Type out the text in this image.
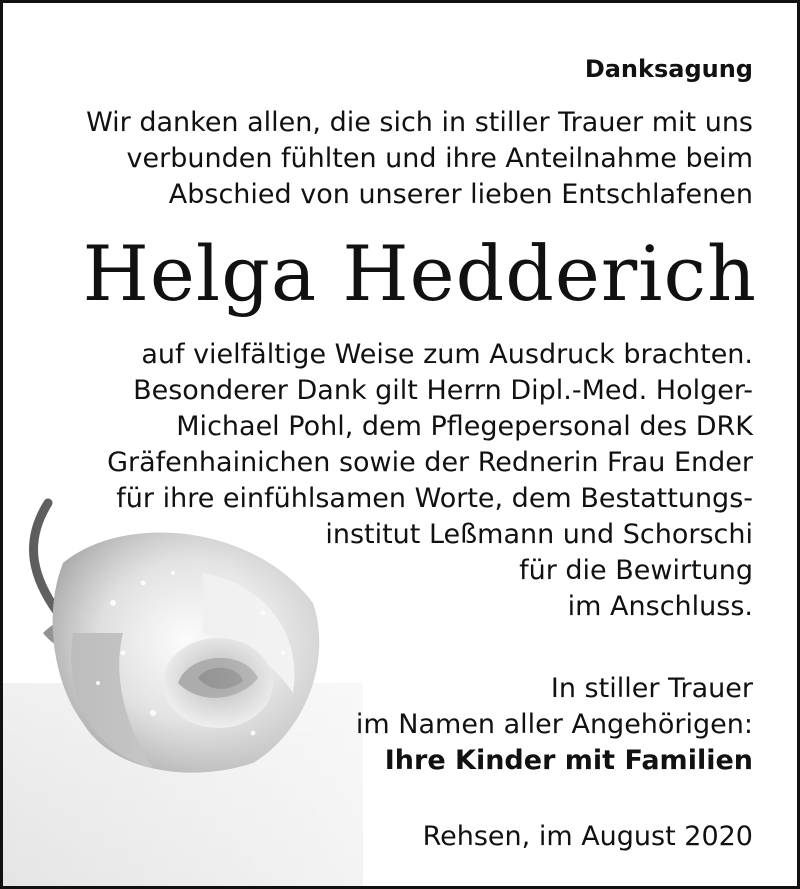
Danksagung
Wir danken allen, die sich in stiller Trauer mit uns
verbunden fühlten und ihre Anteilnahme beim
Abschied von unserer lieben Entschlafenen
Helga Hedderich
auf vielfältige Weise zum Ausdruck brachten.
Besonderer Dank gilt Herrn Dipl.-Med. Holger-
Michael Pohl, dem Pflegepersonal des DRK
Gräfenhainichen sowie der Rednerin Frau Ender
für ihre einfühlsamen Worte, dem Bestattungs-
institut Leßmann und Schorschi
für die Bewirtung
im Anschluss.
In stiller Trauer
im Namen aller Angehörigen:
Ihre Kinder mit Familien
Rehsen, im August 2020
